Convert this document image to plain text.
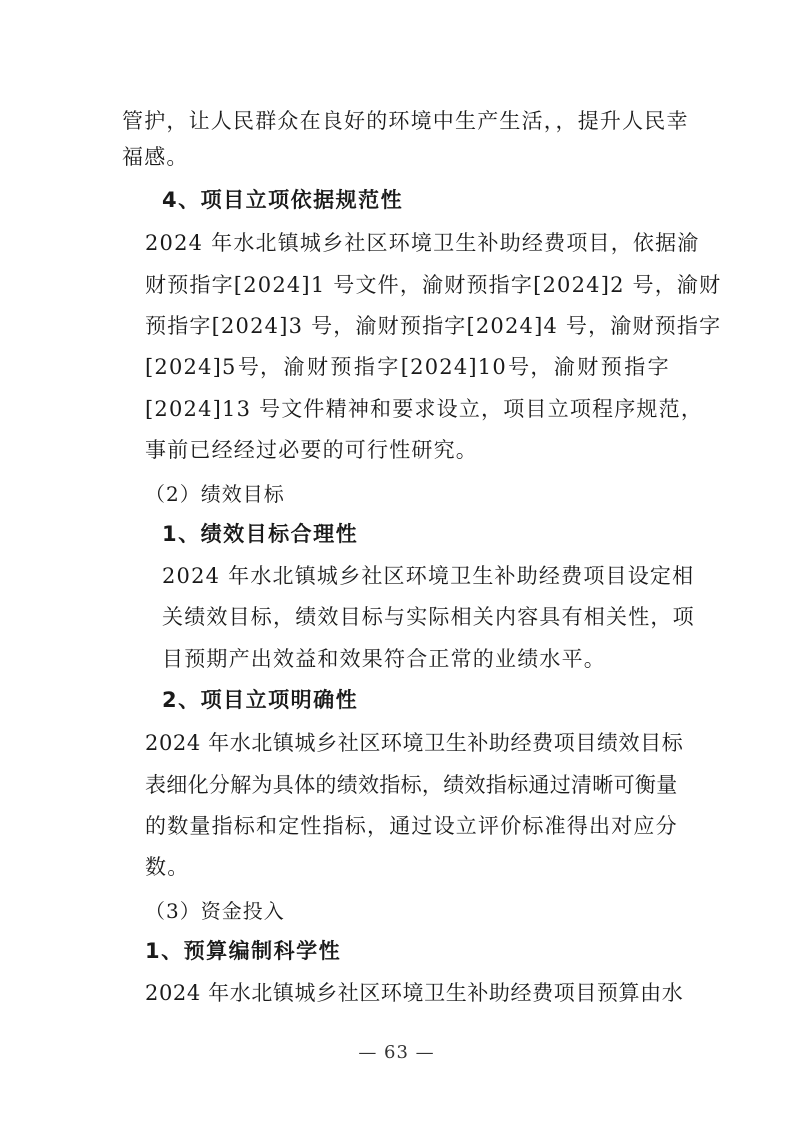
管护，让人民群众在良好的环境中生产生活，，提升人民幸
福感。
4、项目立项依据规范性
2024 年水北镇城乡社区环境卫生补助经费项目，依据渝
财预指字[2024]1 号文件，渝财预指字[2024]2 号，渝财
预指字[2024]3 号，渝财预指字[2024]4 号，渝财预指字
[2024]5 号， 渝 财 预 指 字 [2024]10 号， 渝 财 预 指 字
[2024]13 号文件精神和要求设立，项目立项程序规范，
事前已经经过必要的可行性研究。
（2）绩效目标
1、绩效目标合理性
2024 年水北镇城乡社区环境卫生补助经费项目设定相
关绩效目标，绩效目标与实际相关内容具有相关性，项
目预期产出效益和效果符合正常的业绩水平。
2、项目立项明确性
2024 年水北镇城乡社区环境卫生补助经费项目绩效目标
表细化分解为具体的绩效指标，绩效指标通过清晰可衡量
的数量指标和定性指标，通过设立评价标准得出对应分
数。
（3）资金投入
1、预算编制科学性
2024 年水北镇城乡社区环境卫生补助经费项目预算由水
— 63 —
